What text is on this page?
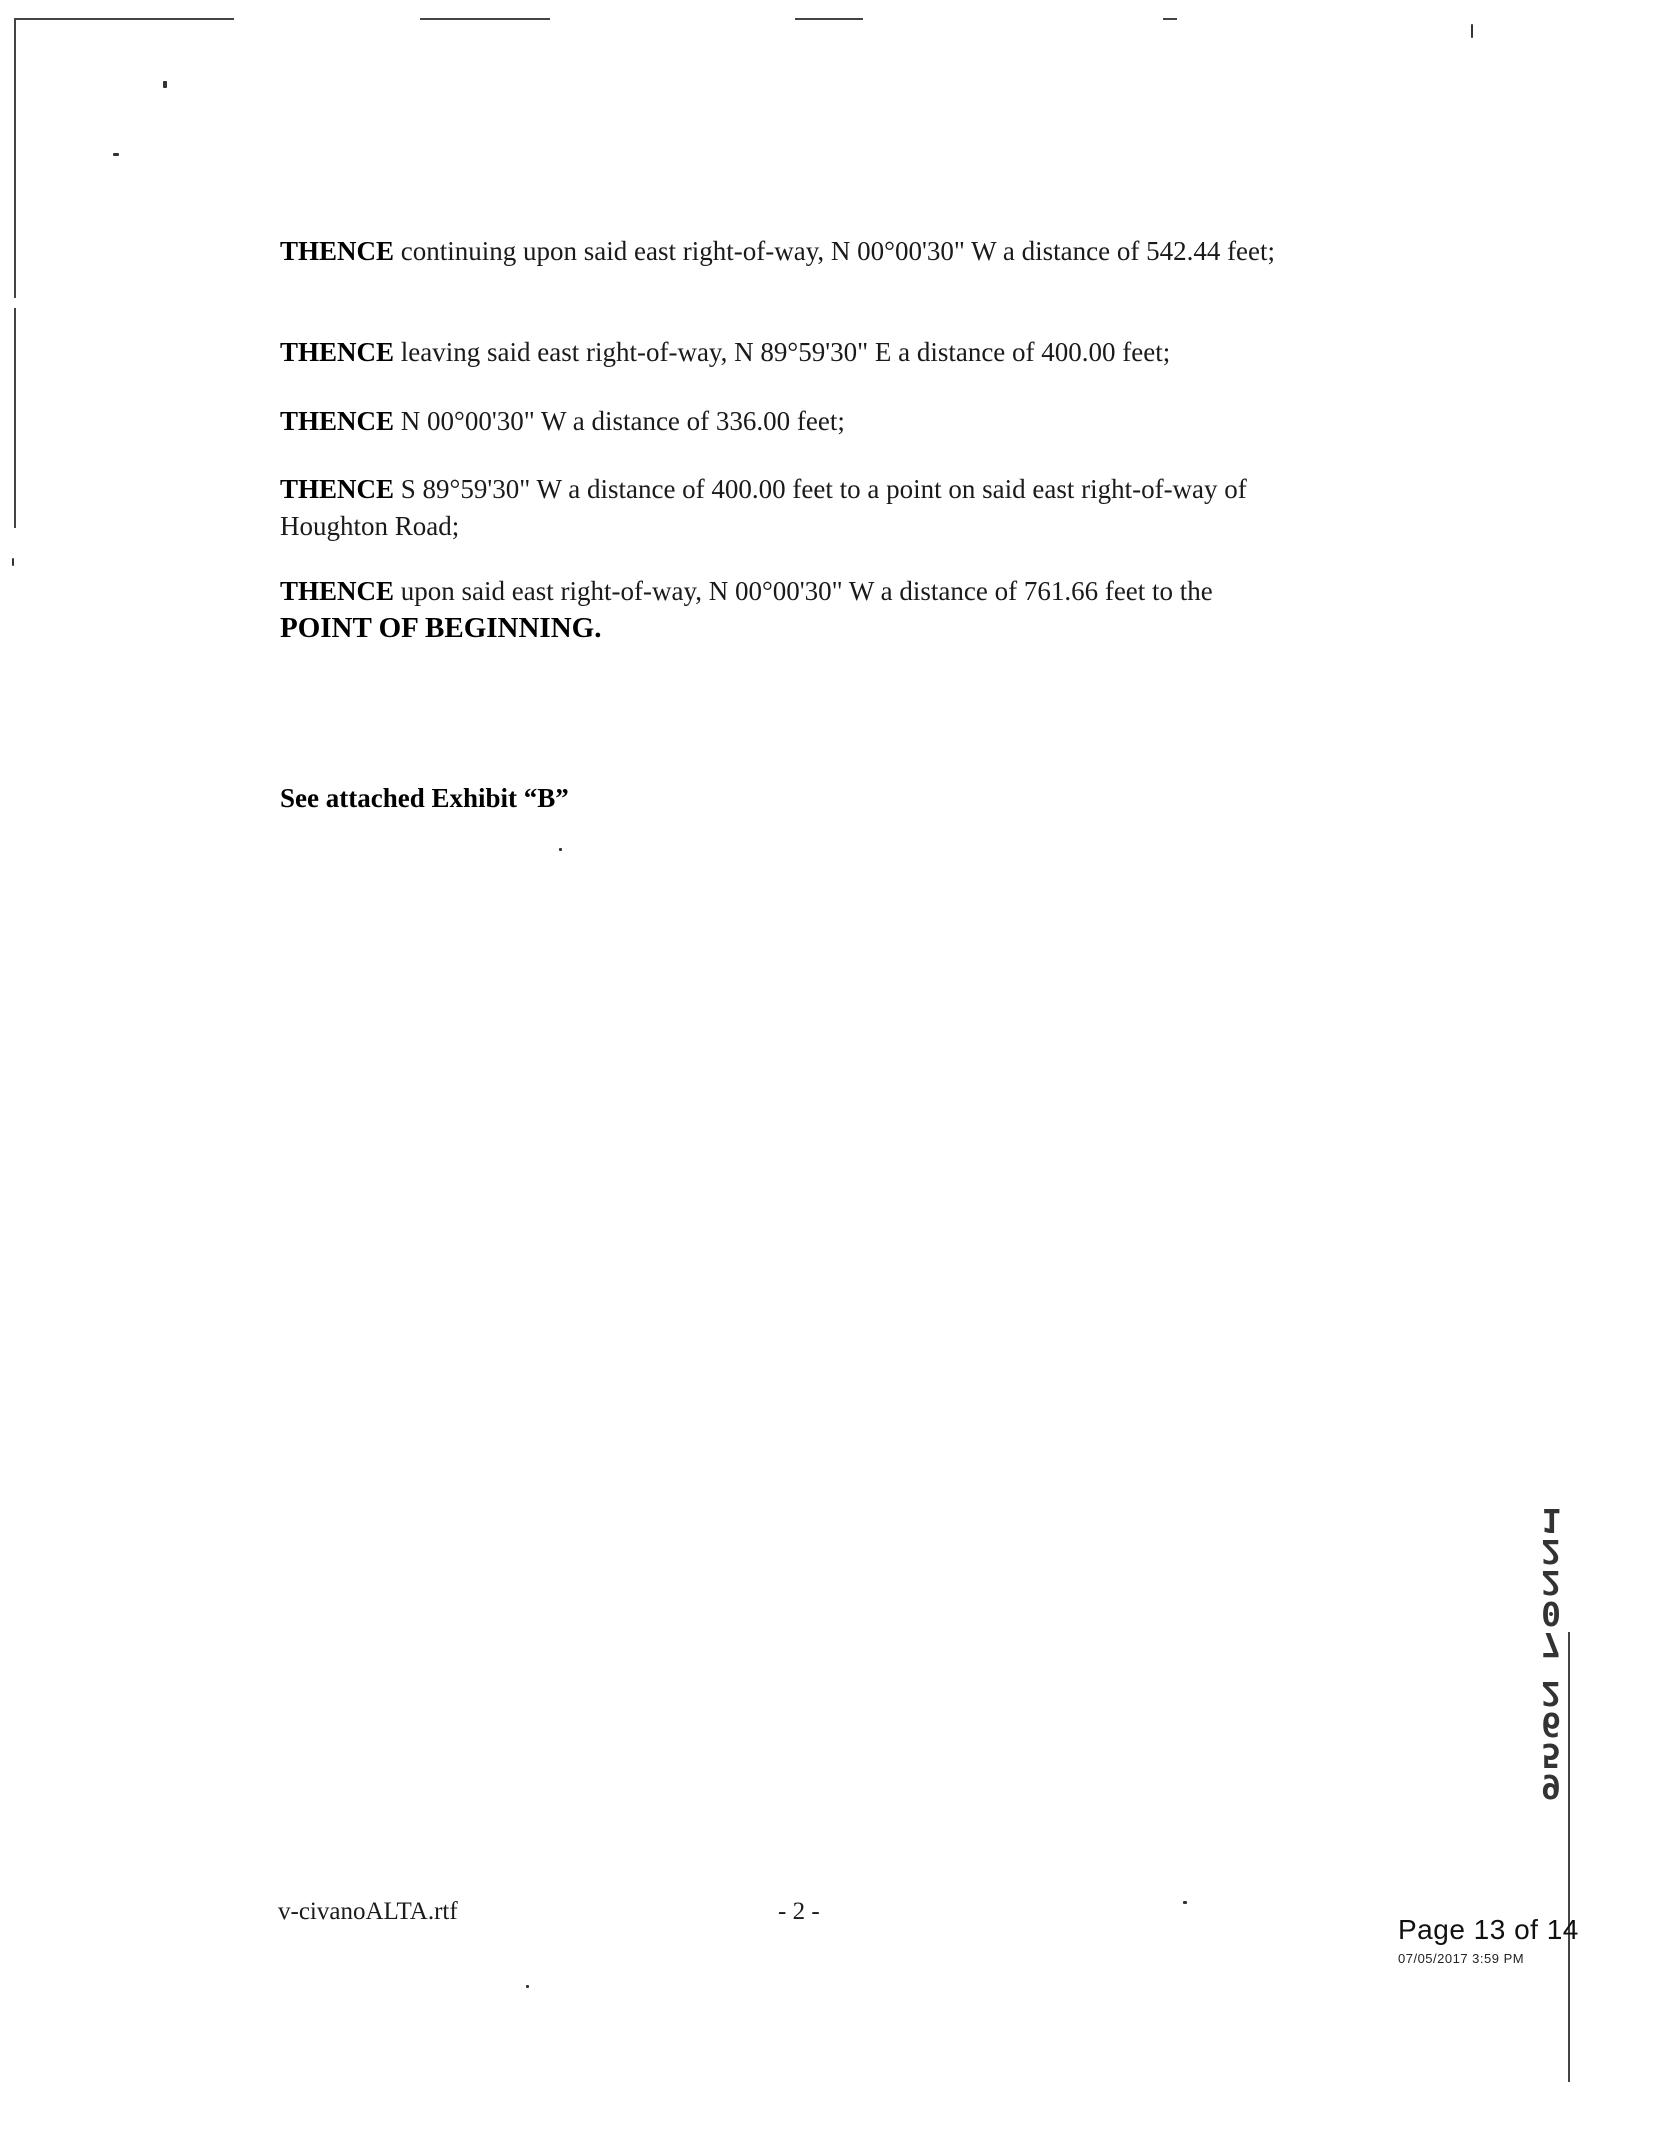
THENCE continuing upon said east right-of-way, N 00°00'30" W a distance of 542.44 feet;
THENCE leaving said east right-of-way, N 89°59'30" E a distance of 400.00 feet;
THENCE N 00°00'30" W a distance of 336.00 feet;
THENCE S 89°59'30" W a distance of 400.00 feet to a point on said east right-of-way of Houghton Road;
THENCE upon said east right-of-way, N 00°00'30" W a distance of 761.66 feet to the
POINT OF BEGINNING.
See attached Exhibit “B”
v-civanoALTA.rtf	- 2 -
1
2
2
0
7
2
6
5
9
Page 13 of 14
07/05/2017 3:59 PM
